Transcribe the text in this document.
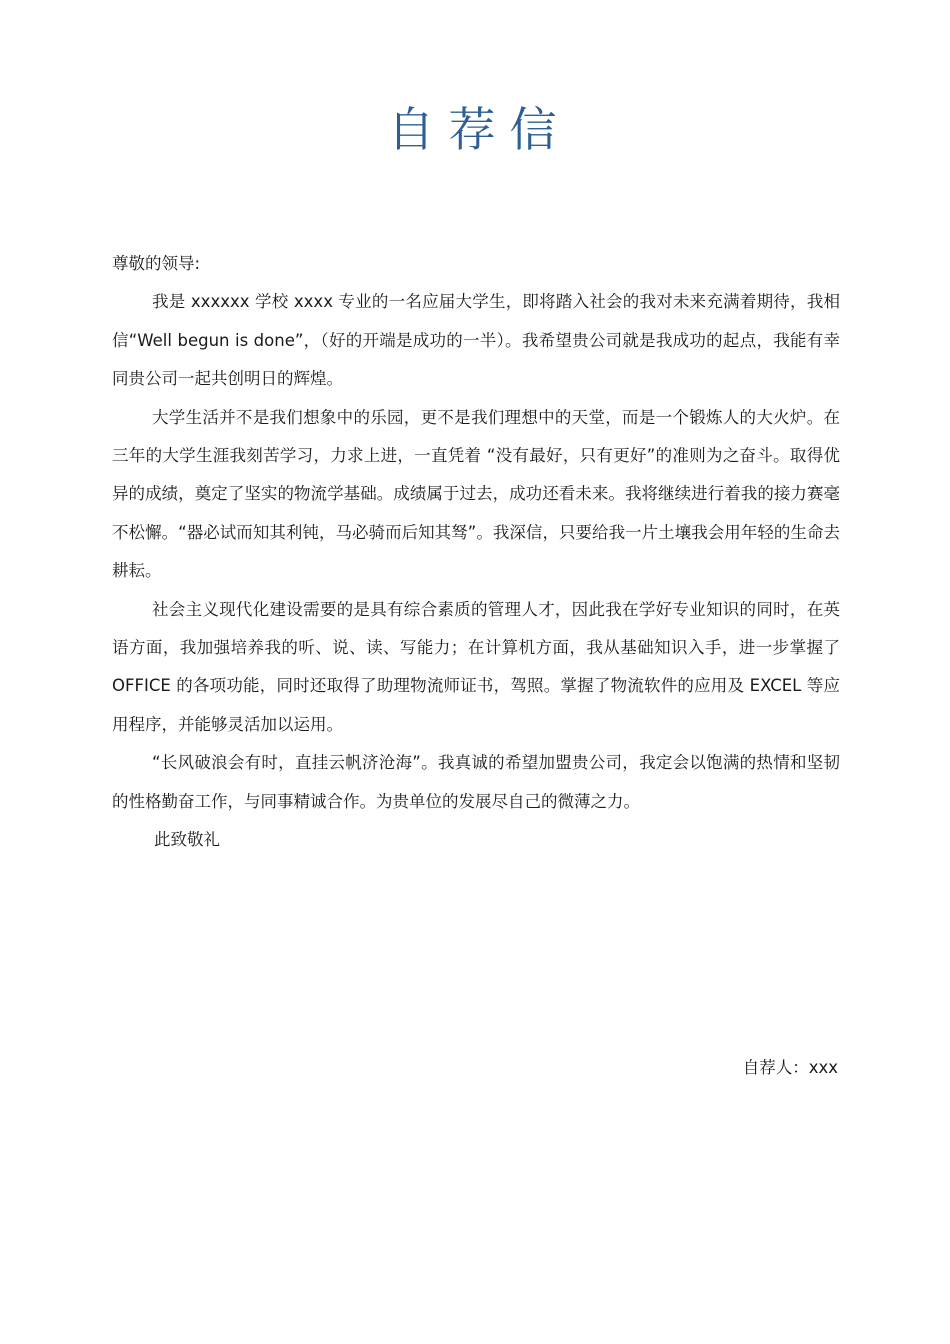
自荐信

尊敬的领导:

我是 xxxxxx 学校 xxxx 专业的一名应届大学生，即将踏入社会的我对未来充满着期待，我相信“Well begun is done”，（好的开端是成功的一半）。我希望贵公司就是我成功的起点，我能有幸同贵公司一起共创明日的辉煌。

大学生活并不是我们想象中的乐园，更不是我们理想中的天堂，而是一个锻炼人的大火炉。在三年的大学生涯我刻苦学习，力求上进，一直凭着 “没有最好，只有更好”的准则为之奋斗。取得优异的成绩，奠定了坚实的物流学基础。成绩属于过去，成功还看未来。我将继续进行着我的接力赛毫不松懈。“器必试而知其利钝，马必骑而后知其驽”。我深信，只要给我一片土壤我会用年轻的生命去耕耘。

社会主义现代化建设需要的是具有综合素质的管理人才，因此我在学好专业知识的同时，在英语方面，我加强培养我的听、说、读、写能力；在计算机方面，我从基础知识入手，进一步掌握了 OFFICE 的各项功能，同时还取得了助理物流师证书，驾照。掌握了物流软件的应用及 EXCEL 等应用程序，并能够灵活加以运用。

“长风破浪会有时，直挂云帆济沧海”。我真诚的希望加盟贵公司，我定会以饱满的热情和坚韧的性格勤奋工作，与同事精诚合作。为贵单位的发展尽自己的微薄之力。

此致敬礼

自荐人：xxx
